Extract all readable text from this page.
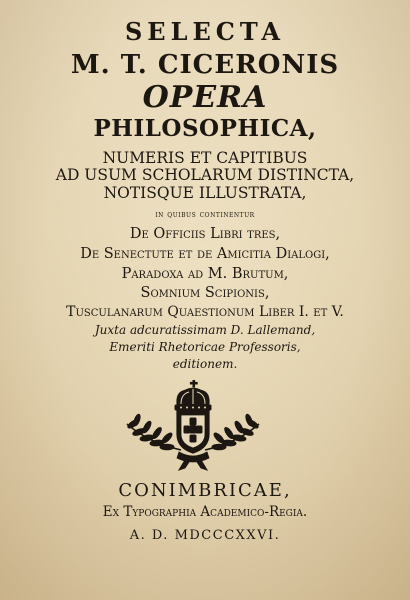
SELECTA
M. T. CICERONIS
OPERA
PHILOSOPHICA,
NUMERIS ET CAPITIBUS
AD USUM SCHOLARUM DISTINCTA,
NOTISQUE ILLUSTRATA,
in quibus continentur
De Officiis Libri tres,
De Senectute et de Amicitia Dialogi,
Paradoxa ad M. Brutum,
Somnium Scipionis,
Tusculanarum Quaestionum Liber I. et V.
Juxta adcuratissimam D. Lallemand,
Emeriti Rhetoricae Professoris,
editionem.
CONIMBRICAE,
Ex Typographia Academico-Regia.
A. D. MDCCCXXVI.
